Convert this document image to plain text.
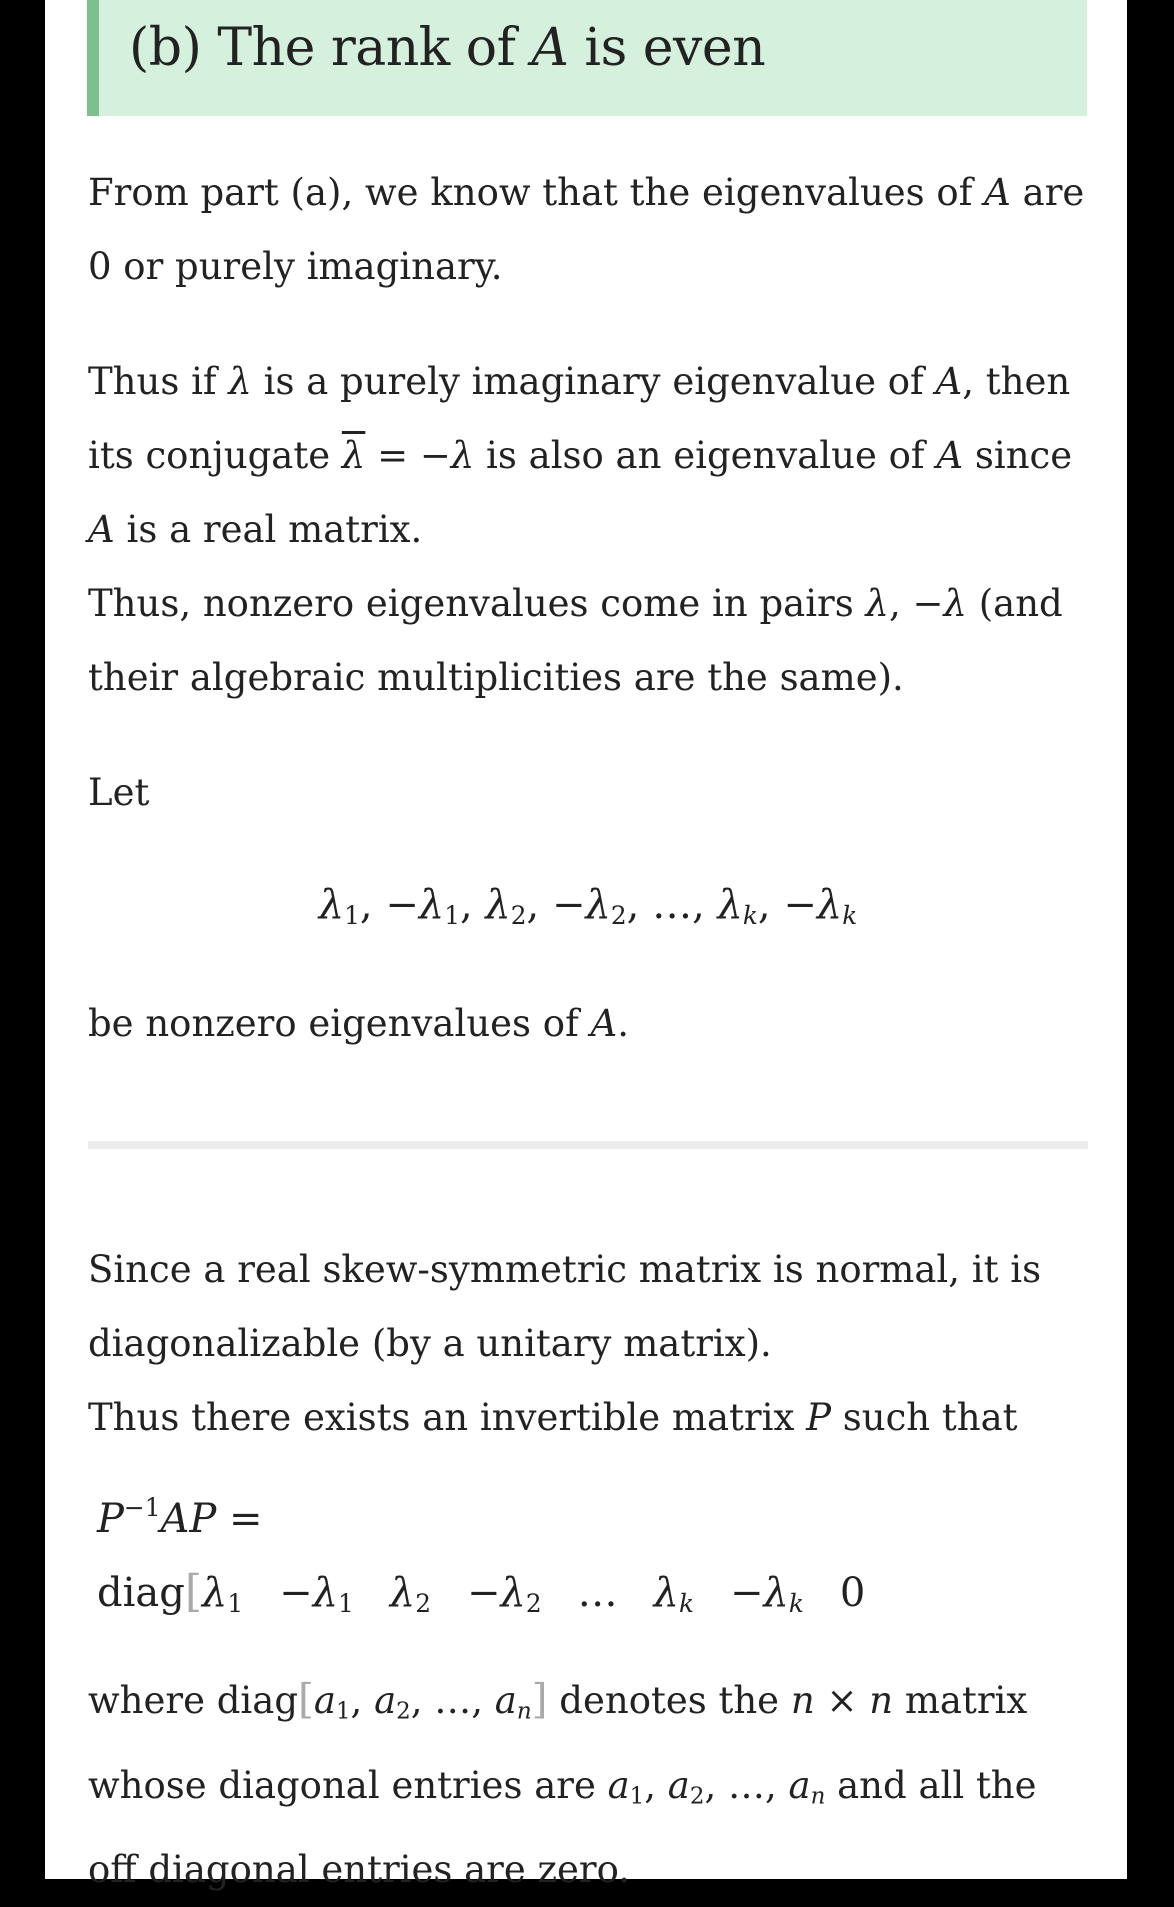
(b) The rank of A is even

From part (a), we know that the eigenvalues of A are
0 or purely imaginary.

Thus if λ is a purely imaginary eigenvalue of A, then
its conjugate $\overline{\lambda} = -\lambda$ is also an eigenvalue of A since
A is a real matrix.

Thus, nonzero eigenvalues come in pairs λ, −λ (and
their algebraic multiplicities are the same).

Let

$\lambda_1$, $-\lambda_1$, $\lambda_2$, $-\lambda_2$, …, $\lambda_k$, $-\lambda_k$

be nonzero eigenvalues of A.

Since a real skew-symmetric matrix is normal, it is
diagonalizable (by a unitary matrix).
Thus there exists an invertible matrix P such that

$P^{-1}AP$ =
$diag[\lambda_1 -\lambda_1$ $\lambda_2 -\lambda_2$ … $\lambda_k -\lambda_k$ 0

where $diag[a_1$, $a_2$, …, $a_n$] denotes the n × n matrix
whose diagonal entries are $a_1$, $a_2$, …, $a_n$ and all the
off diagonal entries are zero.
